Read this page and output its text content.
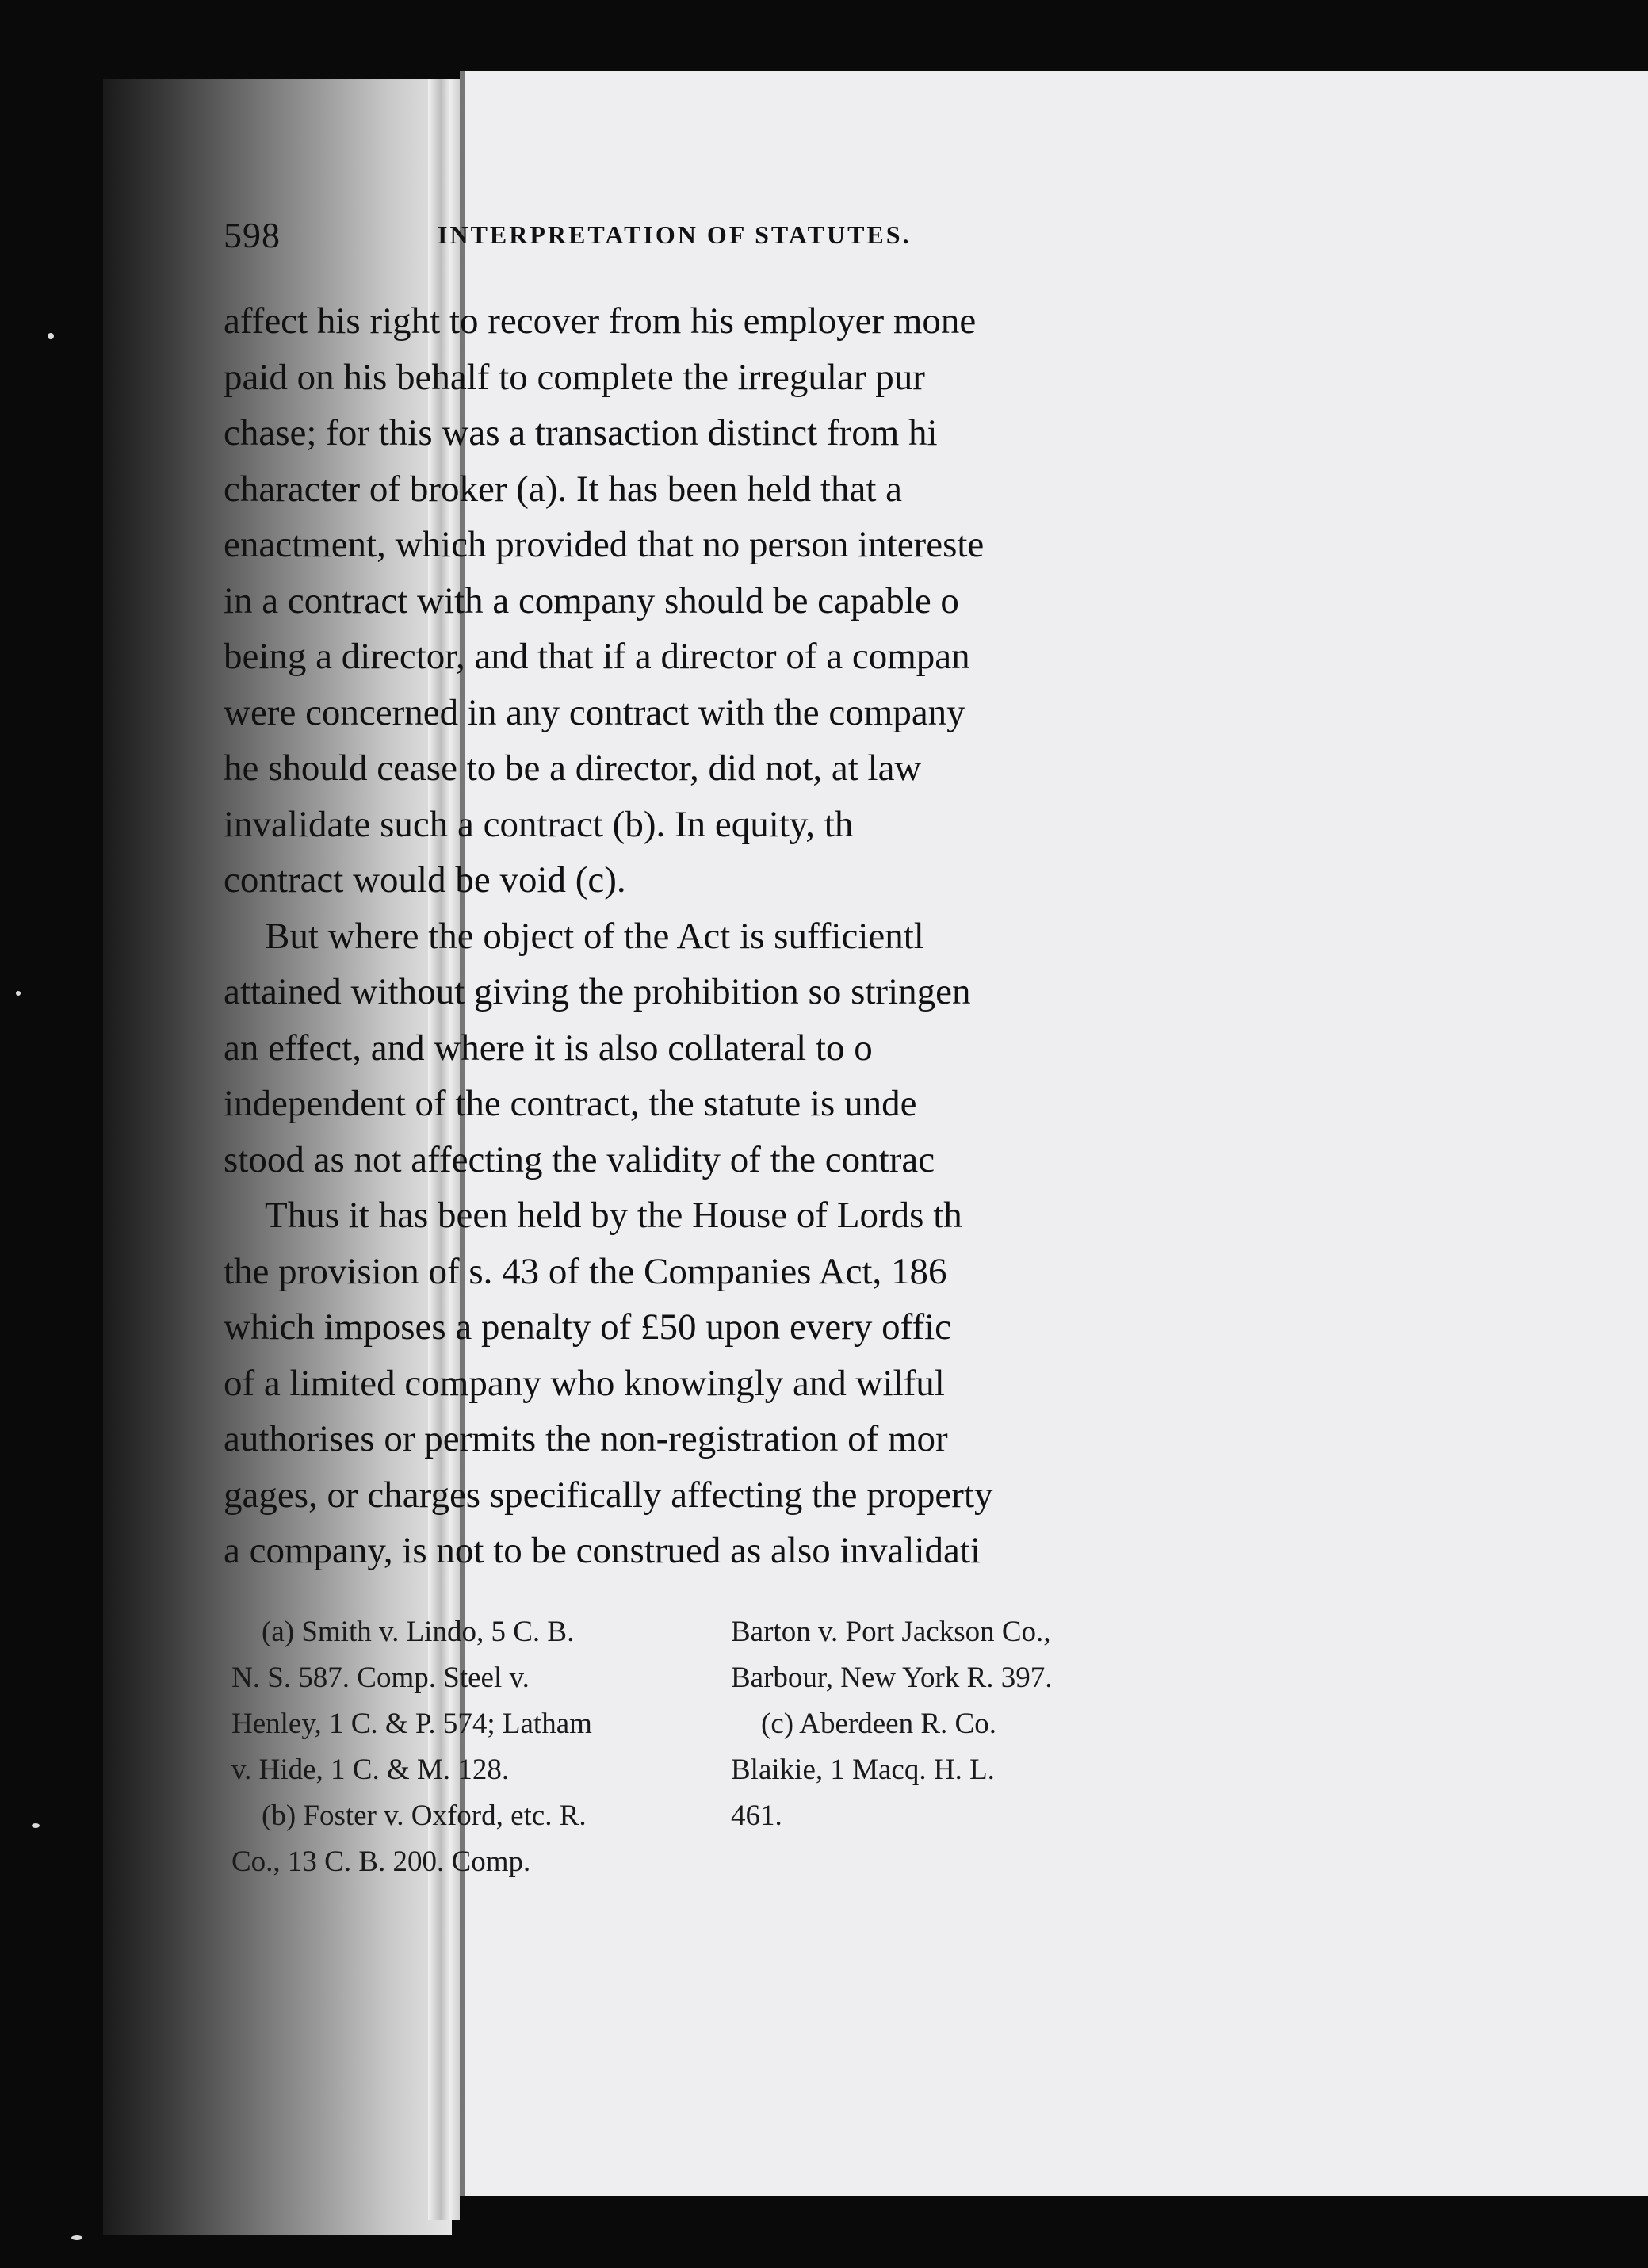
598	INTERPRETATION OF STATUTES.
affect his right to recover from his employer mone
paid on his behalf to complete the irregular pur
chase; for this was a transaction distinct from hi
character of broker (a). It has been held that a
enactment, which provided that no person intereste
in a contract with a company should be capable o
being a director, and that if a director of a compan
were concerned in any contract with the company
he should cease to be a director, did not, at law
invalidate such a contract (b). In equity, th
contract would be void (c).
But where the object of the Act is sufficientl
attained without giving the prohibition so stringen
an effect, and where it is also collateral to o
independent of the contract, the statute is unde
stood as not affecting the validity of the contrac
Thus it has been held by the House of Lords th
the provision of s. 43 of the Companies Act, 186
which imposes a penalty of £50 upon every offic
of a limited company who knowingly and wilful
authorises or permits the non-registration of mor
gages, or charges specifically affecting the property
a company, is not to be construed as also invalidati
(a) Smith v. Lindo, 5 C. B.
N. S. 587. Comp. Steel v.
Henley, 1 C. & P. 574; Latham
v. Hide, 1 C. & M. 128.
(b) Foster v. Oxford, etc. R.
Co., 13 C. B. 200. Comp.
Barton v. Port Jackson Co.,
Barbour, New York R. 397.
(c) Aberdeen R. Co.
Blaikie, 1 Macq. H. L.
461.
